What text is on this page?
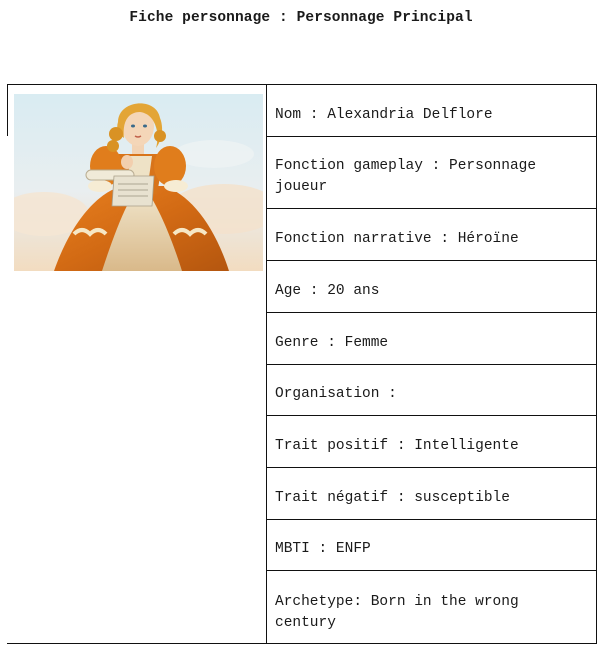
Fiche personnage : Personnage Principal
Nom : Alexandria Delflore
Fonction gameplay : Personnage joueur
Fonction narrative : Héroïne
Age : 20 ans
Genre : Femme
Organisation :
Trait positif : Intelligente
Trait négatif : susceptible
MBTI : ENFP
Archetype: Born in the wrong century
